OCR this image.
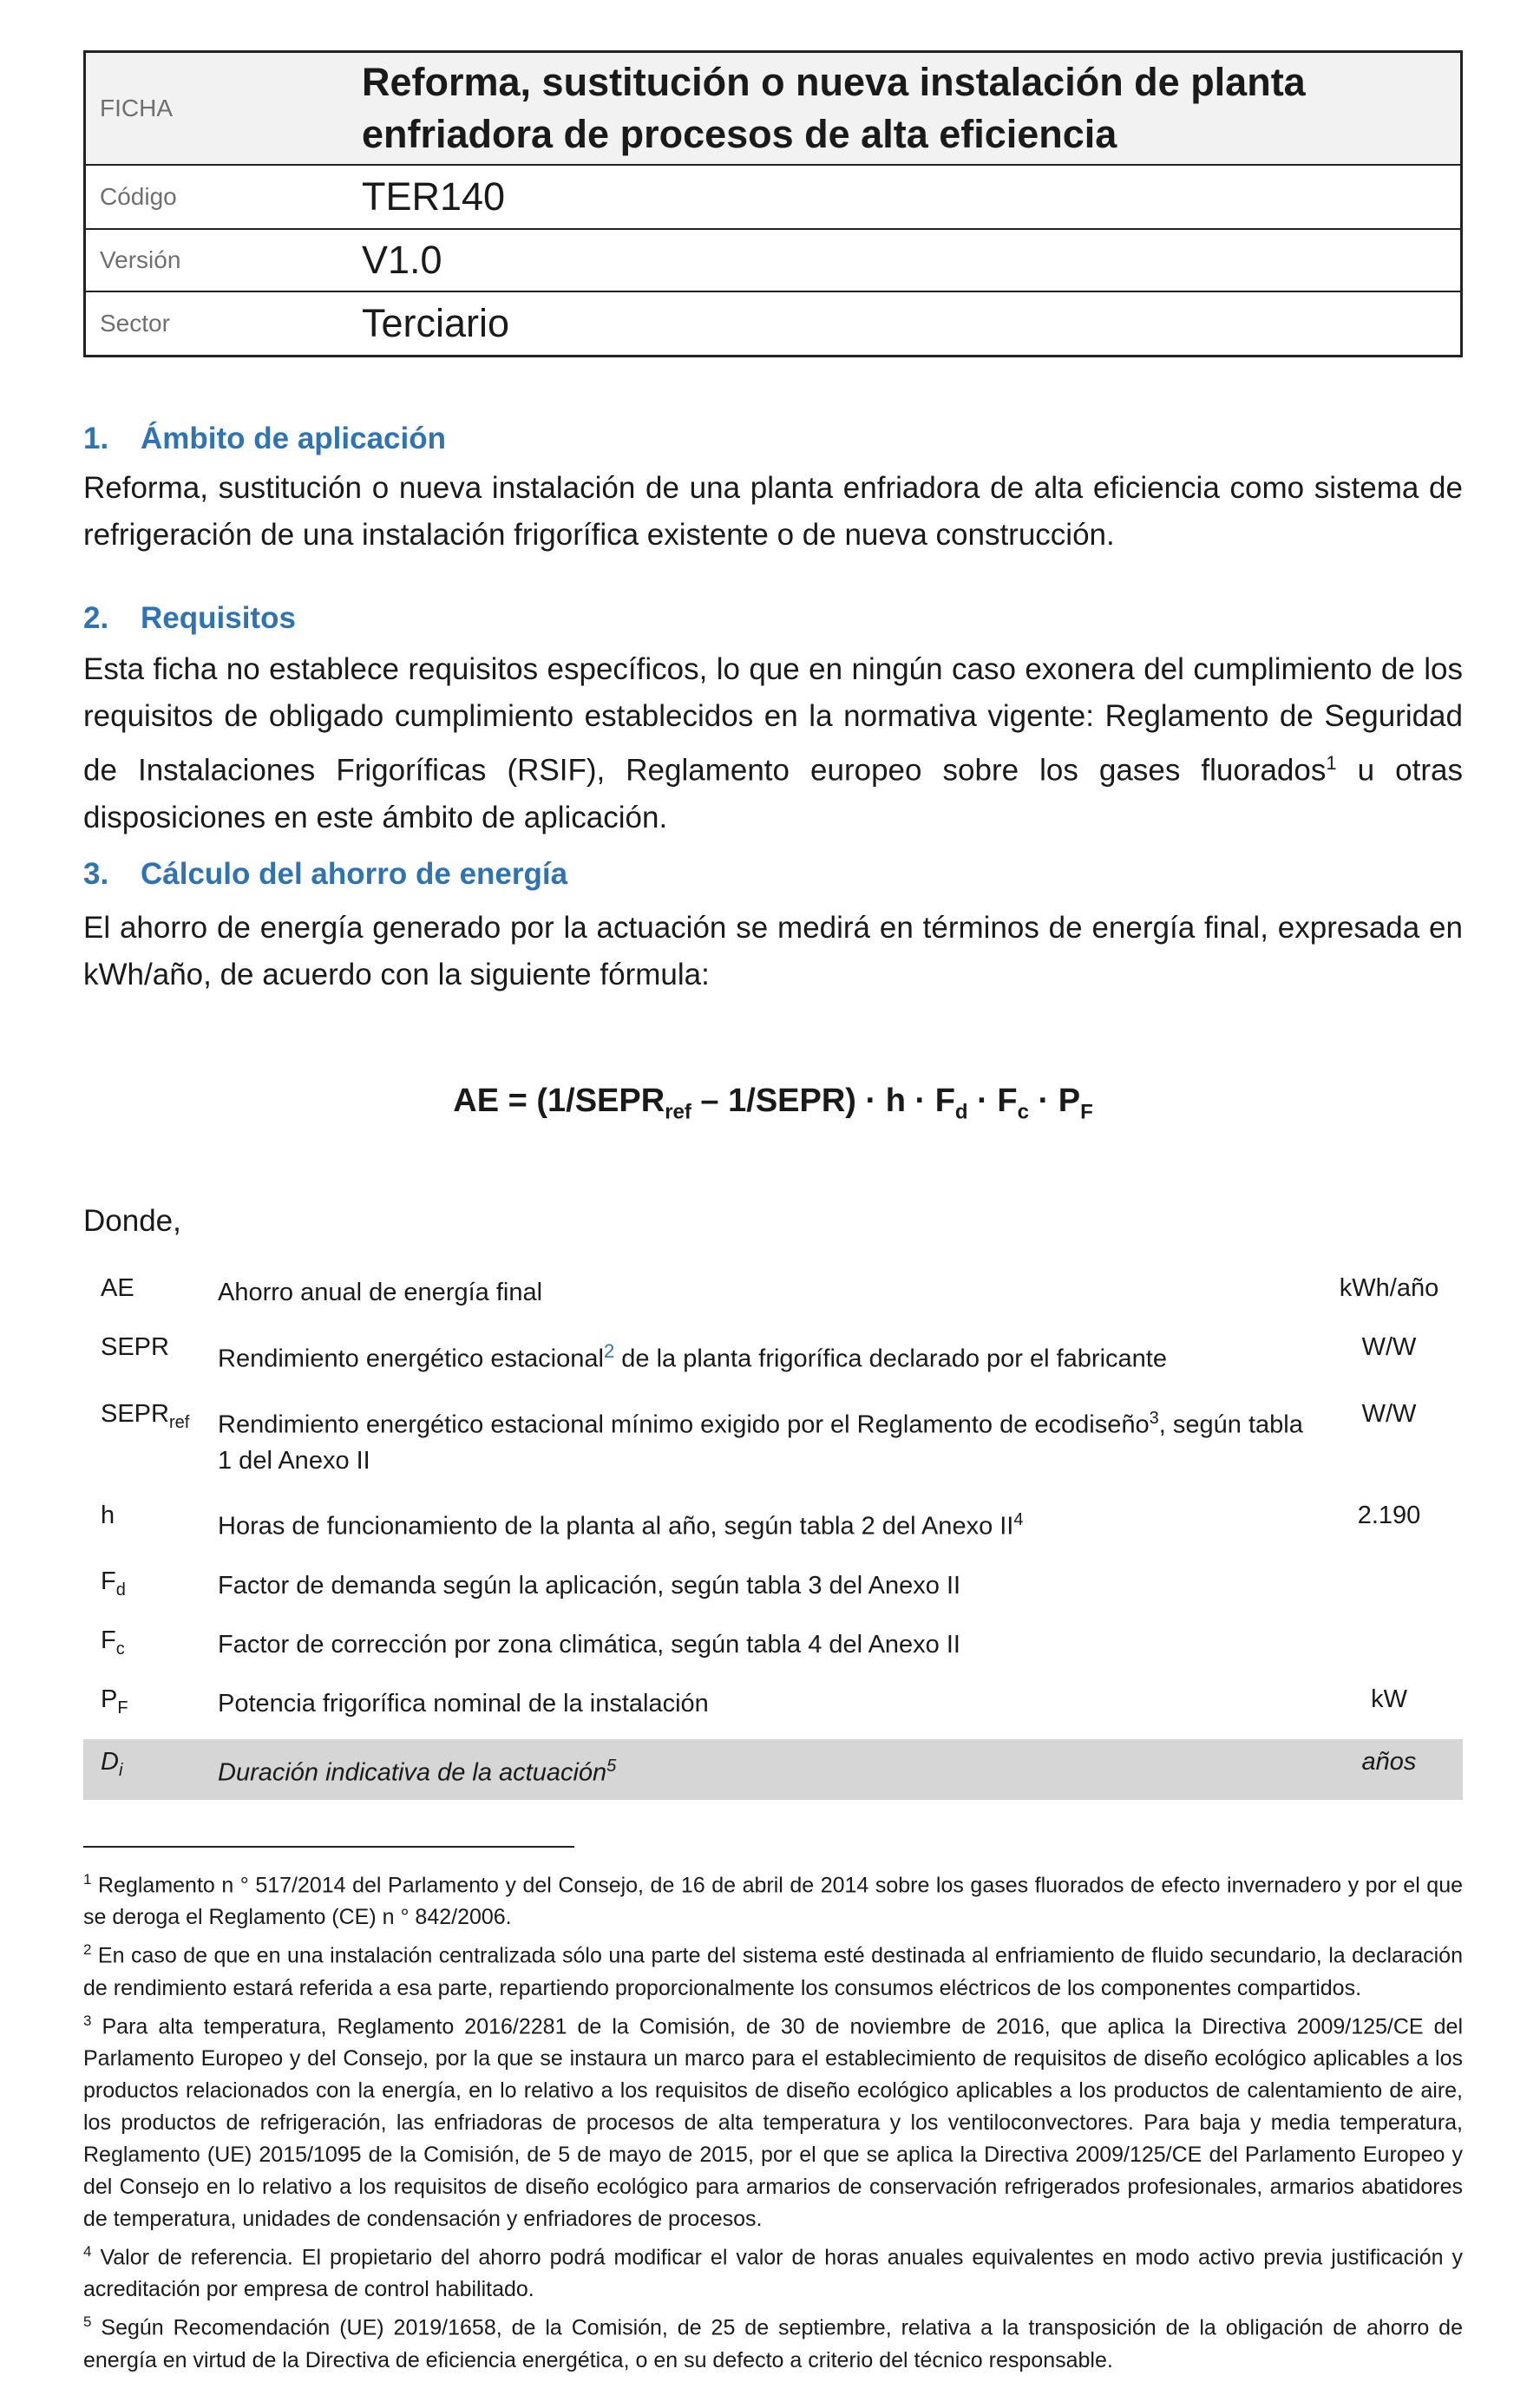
FICHA
Reforma, sustitución o nueva instalación de planta enfriadora de procesos de alta eficiencia
Código	TER140
Versión	V1.0
Sector	Terciario
1. Ámbito de aplicación
Reforma, sustitución o nueva instalación de una planta enfriadora de alta eficiencia como sistema de refrigeración de una instalación frigorífica existente o de nueva construcción.
2. Requisitos
Esta ficha no establece requisitos específicos, lo que en ningún caso exonera del cumplimiento de los requisitos de obligado cumplimiento establecidos en la normativa vigente: Reglamento de Seguridad de Instalaciones Frigoríficas (RSIF), Reglamento europeo sobre los gases fluorados$^1$ u otras disposiciones en este ámbito de aplicación.
3. Cálculo del ahorro de energía
El ahorro de energía generado por la actuación se medirá en términos de energía final, expresada en kWh/año, de acuerdo con la siguiente fórmula:
AE = ($1/SEPR_{ref}$ – 1/SEPR) · $h \cdot F_d \cdot F_c \cdot P_F$
Donde,
AE	Ahorro anual de energía final	kWh/año
SEPR	Rendimiento energético estacional$^2$ de la planta frigorífica declarado por el fabricante	W/W
$SEPR_{ref}$	Rendimiento energético estacional mínimo exigido por el Reglamento de ecodiseño$^3$, según tabla 1 del Anexo II	W/W
h	Horas de funcionamiento de la planta al año, según tabla 2 del Anexo $II^4$	2.190
$F_d$	Factor de demanda según la aplicación, según tabla 3 del Anexo II	
$F_c$	Factor de corrección por zona climática, según tabla 4 del Anexo II	
$P_F$	Potencia frigorífica nominal de la instalación	kW
$D_i$	Duración indicativa de la actuación$^5$	años

$^1$ Reglamento n ° 517/2014 del Parlamento y del Consejo, de 16 de abril de 2014 sobre los gases fluorados de efecto invernadero y por el que se deroga el Reglamento (CE) n ° 842/2006.

$^2$ En caso de que en una instalación centralizada sólo una parte del sistema esté destinada al enfriamiento de fluido secundario, la declaración de rendimiento estará referida a esa parte, repartiendo proporcionalmente los consumos eléctricos de los componentes compartidos.

$^3$ Para alta temperatura, Reglamento 2016/2281 de la Comisión, de 30 de noviembre de 2016, que aplica la Directiva 2009/125/CE del Parlamento Europeo y del Consejo, por la que se instaura un marco para el establecimiento de requisitos de diseño ecológico aplicables a los productos relacionados con la energía, en lo relativo a los requisitos de diseño ecológico aplicables a los productos de calentamiento de aire, los productos de refrigeración, las enfriadoras de procesos de alta temperatura y los ventiloconvectores. Para baja y media temperatura, Reglamento (UE) 2015/1095 de la Comisión, de 5 de mayo de 2015, por el que se aplica la Directiva 2009/125/CE del Parlamento Europeo y del Consejo en lo relativo a los requisitos de diseño ecológico para armarios de conservación refrigerados profesionales, armarios abatidores de temperatura, unidades de condensación y enfriadores de procesos.

$^4$ Valor de referencia. El propietario del ahorro podrá modificar el valor de horas anuales equivalentes en modo activo previa justificación y acreditación por empresa de control habilitado.

$^5$ Según Recomendación (UE) 2019/1658, de la Comisión, de 25 de septiembre, relativa a la transposición de la obligación de ahorro de energía en virtud de la Directiva de eficiencia energética, o en su defecto a criterio del técnico responsable.
